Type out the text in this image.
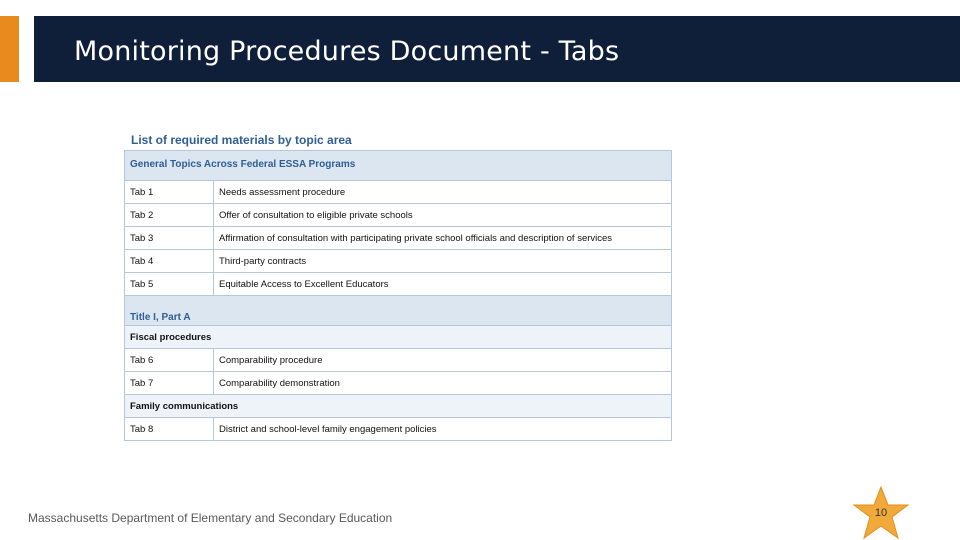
Monitoring Procedures Document - Tabs
List of required materials by topic area
General Topics Across Federal ESSA Programs	
Tab 1	Needs assessment procedure
Tab 2	Offer of consultation to eligible private schools
Tab 3	Affirmation of consultation with participating private school officials and description of services
Tab 4	Third-party contracts
Tab 5	Equitable Access to Excellent Educators
Title I, Part A	
Fiscal procedures	
Tab 6	Comparability procedure
Tab 7	Comparability demonstration
Family communications	
Tab 8	District and school-level family engagement policies
Massachusetts Department of Elementary and Secondary Education	10
